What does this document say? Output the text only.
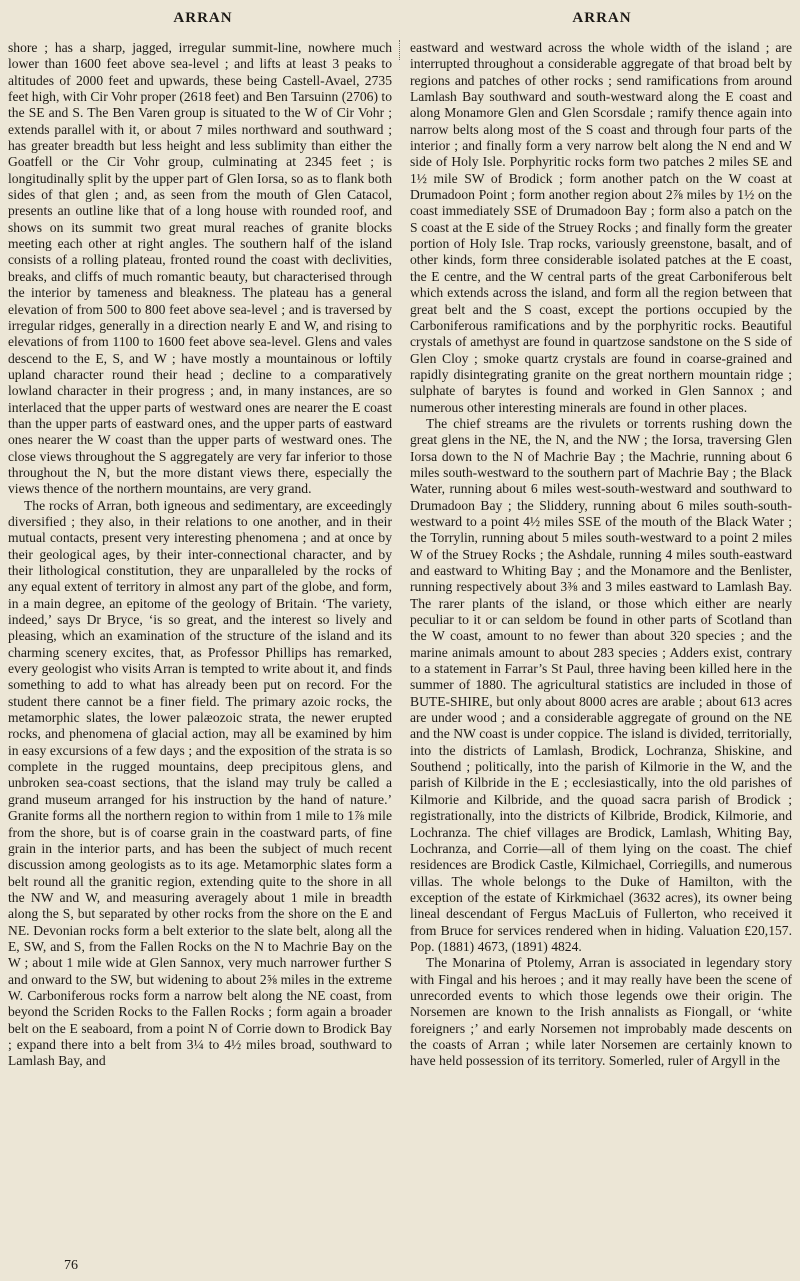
ARRAN	ARRAN

shore ; has a sharp, jagged, irregular summit-line, nowhere much lower than 1600 feet above sea-level ; and lifts at least 3 peaks to altitudes of 2000 feet and upwards, these being Castell-Avael, 2735 feet high, with Cir Vohr proper (2618 feet) and Ben Tarsuinn (2706) to the SE and S. The Ben Varen group is situated to the W of Cir Vohr ; extends parallel with it, or about 7 miles northward and southward ; has greater breadth but less height and less sublimity than either the Goatfell or the Cir Vohr group, culminating at 2345 feet ; is longitudinally split by the upper part of Glen Iorsa, so as to flank both sides of that glen ; and, as seen from the mouth of Glen Catacol, presents an outline like that of a long house with rounded roof, and shows on its summit two great mural reaches of granite blocks meeting each other at right angles. The southern half of the island consists of a rolling plateau, fronted round the coast with declivities, breaks, and cliffs of much romantic beauty, but characterised through the interior by tameness and bleakness. The plateau has a general elevation of from 500 to 800 feet above sea-level ; and is traversed by irregular ridges, generally in a direction nearly E and W, and rising to elevations of from 1100 to 1600 feet above sea-level. Glens and vales descend to the E, S, and W ; have mostly a mountainous or loftily upland character round their head ; decline to a comparatively lowland character in their progress ; and, in many instances, are so interlaced that the upper parts of westward ones are nearer the E coast than the upper parts of eastward ones, and the upper parts of eastward ones nearer the W coast than the upper parts of westward ones. The close views throughout the S aggregately are very far inferior to those throughout the N, but the more distant views there, especially the views thence of the northern mountains, are very grand.

The rocks of Arran, both igneous and sedimentary, are exceedingly diversified ; they also, in their relations to one another, and in their mutual contacts, present very interesting phenomena ; and at once by their geological ages, by their inter-connectional character, and by their lithological constitution, they are unparalleled by the rocks of any equal extent of territory in almost any part of the globe, and form, in a main degree, an epitome of the geology of Britain. ‘The variety, indeed,’ says Dr Bryce, ‘is so great, and the interest so lively and pleasing, which an examination of the structure of the island and its charming scenery excites, that, as Professor Phillips has remarked, every geologist who visits Arran is tempted to write about it, and finds something to add to what has already been put on record. For the student there cannot be a finer field. The primary azoic rocks, the metamorphic slates, the lower palæozoic strata, the newer erupted rocks, and phenomena of glacial action, may all be examined by him in easy excursions of a few days ; and the exposition of the strata is so complete in the rugged mountains, deep precipitous glens, and unbroken sea-coast sections, that the island may truly be called a grand museum arranged for his instruction by the hand of nature.’ Granite forms all the northern region to within from 1 mile to 1⅞ mile from the shore, but is of coarse grain in the coastward parts, of fine grain in the interior parts, and has been the subject of much recent discussion among geologists as to its age. Metamorphic slates form a belt round all the granitic region, extending quite to the shore in all the NW and W, and measuring averagely about 1 mile in breadth along the S, but separated by other rocks from the shore on the E and NE. Devonian rocks form a belt exterior to the slate belt, along all the E, SW, and S, from the Fallen Rocks on the N to Machrie Bay on the W ; about 1 mile wide at Glen Sannox, very much narrower further S and onward to the SW, but widening to about 2⅝ miles in the extreme W. Carboniferous rocks form a narrow belt along the NE coast, from beyond the Scriden Rocks to the Fallen Rocks ; form again a broader belt on the E seaboard, from a point N of Corrie down to Brodick Bay ; expand there into a belt from 3¼ to 4½ miles broad, southward to Lamlash Bay, and

eastward and westward across the whole width of the island ; are interrupted throughout a considerable aggregate of that broad belt by regions and patches of other rocks ; send ramifications from around Lamlash Bay southward and south-westward along the E coast and along Monamore Glen and Glen Scorsdale ; ramify thence again into narrow belts along most of the S coast and through four parts of the interior ; and finally form a very narrow belt along the N end and W side of Holy Isle. Porphyritic rocks form two patches 2 miles SE and 1½ mile SW of Brodick ; form another patch on the W coast at Drumadoon Point ; form another region about 2⅞ miles by 1½ on the coast immediately SSE of Drumadoon Bay ; form also a patch on the S coast at the E side of the Struey Rocks ; and finally form the greater portion of Holy Isle. Trap rocks, variously greenstone, basalt, and of other kinds, form three considerable isolated patches at the E coast, the E centre, and the W central parts of the great Carboniferous belt which extends across the island, and form all the region between that great belt and the S coast, except the portions occupied by the Carboniferous ramifications and by the porphyritic rocks. Beautiful crystals of amethyst are found in quartzose sandstone on the S side of Glen Cloy ; smoke quartz crystals are found in coarse-grained and rapidly disintegrating granite on the great northern mountain ridge ; sulphate of barytes is found and worked in Glen Sannox ; and numerous other interesting minerals are found in other places.

The chief streams are the rivulets or torrents rushing down the great glens in the NE, the N, and the NW ; the Iorsa, traversing Glen Iorsa down to the N of Machrie Bay ; the Machrie, running about 6 miles south-westward to the southern part of Machrie Bay ; the Black Water, running about 6 miles west-south-westward and southward to Drumadoon Bay ; the Sliddery, running about 6 miles south-south-westward to a point 4½ miles SSE of the mouth of the Black Water ; the Torrylin, running about 5 miles south-westward to a point 2 miles W of the Struey Rocks ; the Ashdale, running 4 miles south-eastward and eastward to Whiting Bay ; and the Monamore and the Benlister, running respectively about 3⅜ and 3 miles eastward to Lamlash Bay. The rarer plants of the island, or those which either are nearly peculiar to it or can seldom be found in other parts of Scotland than the W coast, amount to no fewer than about 320 species ; and the marine animals amount to about 283 species ; Adders exist, contrary to a statement in Farrar’s St Paul, three having been killed here in the summer of 1880. The agricultural statistics are included in those of BUTE-SHIRE, but only about 8000 acres are arable ; about 613 acres are under wood ; and a considerable aggregate of ground on the NE and the NW coast is under coppice. The island is divided, territorially, into the districts of Lamlash, Brodick, Lochranza, Shiskine, and Southend ; politically, into the parish of Kilmorie in the W, and the parish of Kilbride in the E ; ecclesiastically, into the old parishes of Kilmorie and Kilbride, and the quoad sacra parish of Brodick ; registrationally, into the districts of Kilbride, Brodick, Kilmorie, and Lochranza. The chief villages are Brodick, Lamlash, Whiting Bay, Lochranza, and Corrie—all of them lying on the coast. The chief residences are Brodick Castle, Kilmichael, Corriegills, and numerous villas. The whole belongs to the Duke of Hamilton, with the exception of the estate of Kirkmichael (3632 acres), its owner being lineal descendant of Fergus MacLuis of Fullerton, who received it from Bruce for services rendered when in hiding. Valuation £20,157. Pop. (1881) 4673, (1891) 4824.

The Monarina of Ptolemy, Arran is associated in legendary story with Fingal and his heroes ; and it may really have been the scene of unrecorded events to which those legends owe their origin. The Norsemen are known to the Irish annalists as Fiongall, or ‘white foreigners ;’ and early Norsemen not improbably made descents on the coasts of Arran ; while later Norsemen are certainly known to have held possession of its territory. Somerled, ruler of Argyll in the

76
